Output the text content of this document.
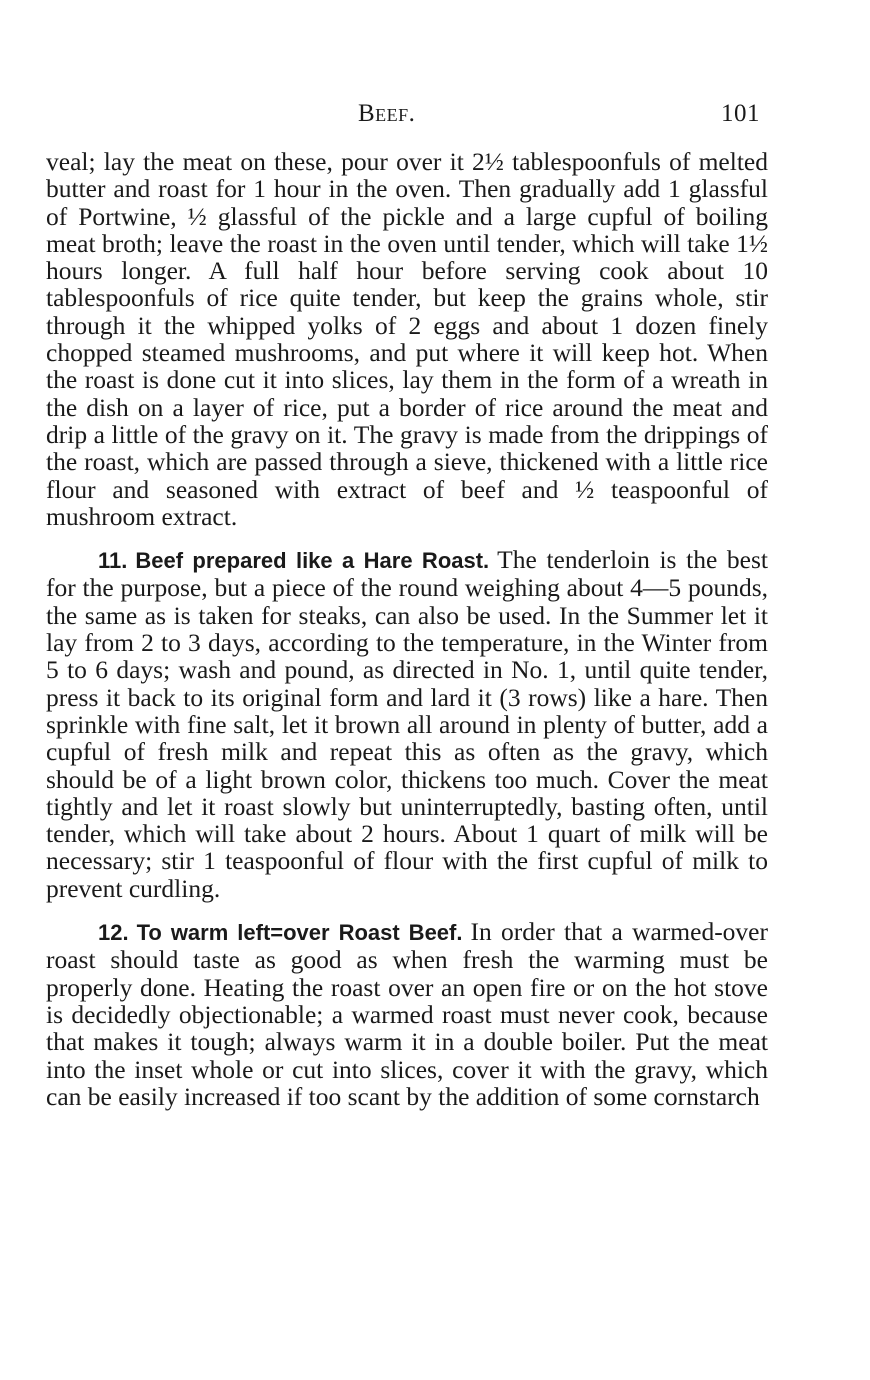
Beef.	101

veal; lay the meat on these, pour over it 2½ tablespoonfuls of melted butter and roast for 1 hour in the oven. Then gradually add 1 glassful of Portwine, ½ glassful of the pickle and a large cupful of boiling meat broth; leave the roast in the oven until tender, which will take 1½ hours longer. A full half hour before serving cook about 10 tablespoonfuls of rice quite tender, but keep the grains whole, stir through it the whipped yolks of 2 eggs and about 1 dozen finely chopped steamed mushrooms, and put where it will keep hot. When the roast is done cut it into slices, lay them in the form of a wreath in the dish on a layer of rice, put a border of rice around the meat and drip a little of the gravy on it. The gravy is made from the drippings of the roast, which are passed through a sieve, thickened with a little rice flour and seasoned with extract of beef and ½ teaspoonful of mushroom extract.

11. Beef prepared like a Hare Roast. The tenderloin is the best for the purpose, but a piece of the round weighing about 4—5 pounds, the same as is taken for steaks, can also be used. In the Summer let it lay from 2 to 3 days, according to the temperature, in the Winter from 5 to 6 days; wash and pound, as directed in No. 1, until quite tender, press it back to its original form and lard it (3 rows) like a hare. Then sprinkle with fine salt, let it brown all around in plenty of butter, add a cupful of fresh milk and repeat this as often as the gravy, which should be of a light brown color, thickens too much. Cover the meat tightly and let it roast slowly but uninterruptedly, basting often, until tender, which will take about 2 hours. About 1 quart of milk will be necessary; stir 1 teaspoonful of flour with the first cupful of milk to prevent curdling.

12. To warm left=over Roast Beef. In order that a warmed-over roast should taste as good as when fresh the warming must be properly done. Heating the roast over an open fire or on the hot stove is decidedly objectionable; a warmed roast must never cook, because that makes it tough; always warm it in a double boiler. Put the meat into the inset whole or cut into slices, cover it with the gravy, which can be easily increased if too scant by the addition of some cornstarch
